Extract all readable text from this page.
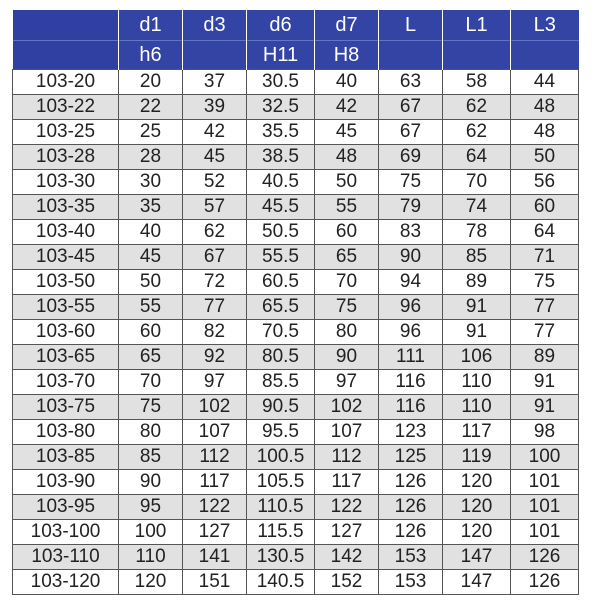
	d1	d3	d6	d7	L	L1	L3
	h6		H11	H8			
103-20	20	37	30.5	40	63	58	44
103-22	22	39	32.5	42	67	62	48
103-25	25	42	35.5	45	67	62	48
103-28	28	45	38.5	48	69	64	50
103-30	30	52	40.5	50	75	70	56
103-35	35	57	45.5	55	79	74	60
103-40	40	62	50.5	60	83	78	64
103-45	45	67	55.5	65	90	85	71
103-50	50	72	60.5	70	94	89	75
103-55	55	77	65.5	75	96	91	77
103-60	60	82	70.5	80	96	91	77
103-65	65	92	80.5	90	111	106	89
103-70	70	97	85.5	97	116	110	91
103-75	75	102	90.5	102	116	110	91
103-80	80	107	95.5	107	123	117	98
103-85	85	112	100.5	112	125	119	100
103-90	90	117	105.5	117	126	120	101
103-95	95	122	110.5	122	126	120	101
103-100	100	127	115.5	127	126	120	101
103-110	110	141	130.5	142	153	147	126
103-120	120	151	140.5	152	153	147	126
